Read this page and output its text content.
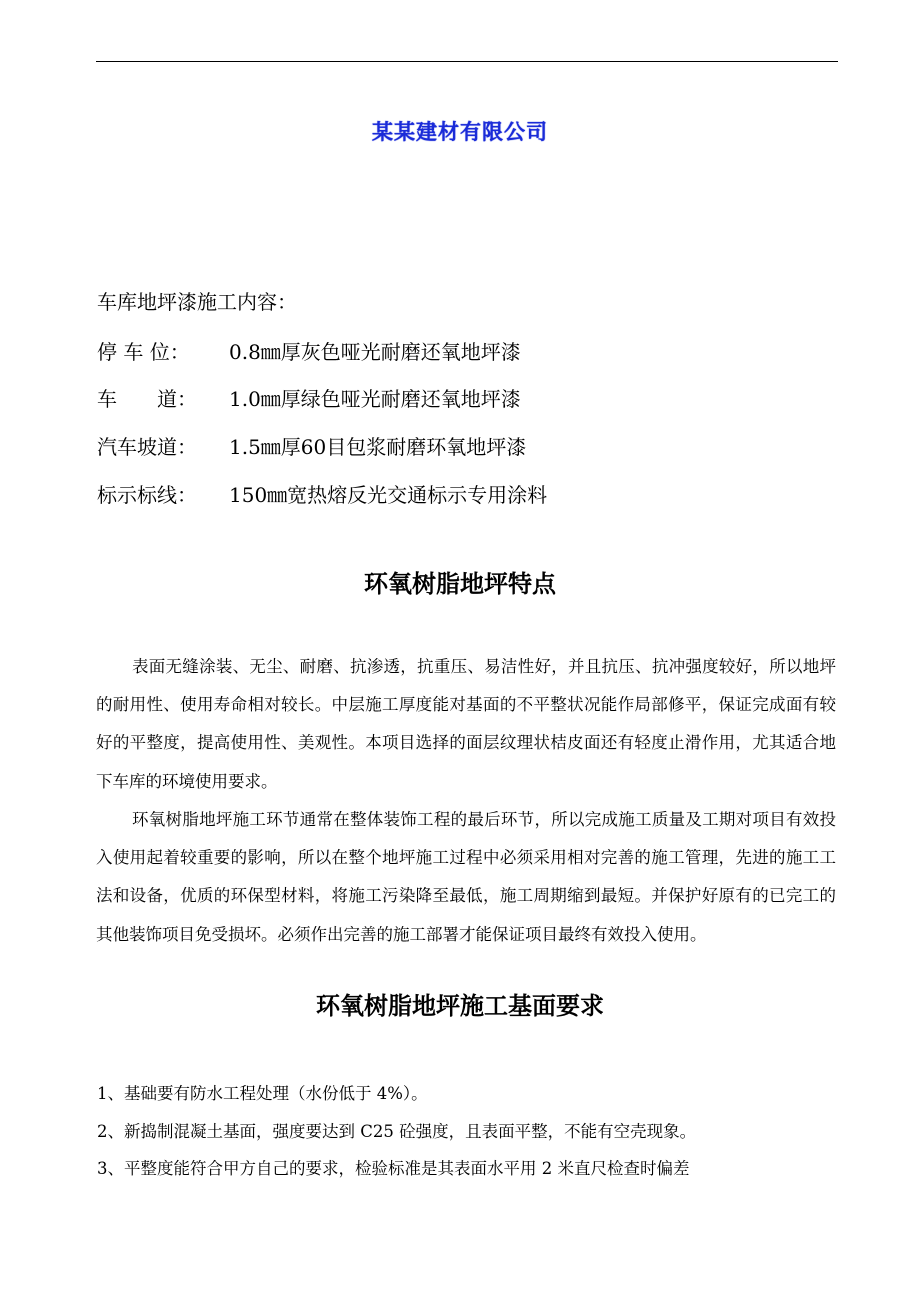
某某建材有限公司
车库地坪漆施工内容：
停 车 位： 0.8㎜厚灰色哑光耐磨还氧地坪漆
车　　道： 1.0㎜厚绿色哑光耐磨还氧地坪漆
汽车坡道： 1.5㎜厚60目包浆耐磨环氧地坪漆
标示标线： 150㎜宽热熔反光交通标示专用涂料
环氧树脂地坪特点

表面无缝涂装、无尘、耐磨、抗渗透，抗重压、易洁性好，并且抗压、抗冲强度较好，所以地坪的耐用性、使用寿命相对较长。中层施工厚度能对基面的不平整状况能作局部修平，保证完成面有较好的平整度，提高使用性、美观性。本项目选择的面层纹理状桔皮面还有轻度止滑作用，尤其适合地下车库的环境使用要求。

环氧树脂地坪施工环节通常在整体装饰工程的最后环节，所以完成施工质量及工期对项目有效投入使用起着较重要的影响，所以在整个地坪施工过程中必须采用相对完善的施工管理，先进的施工工法和设备，优质的环保型材料，将施工污染降至最低，施工周期缩到最短。并保护好原有的已完工的其他装饰项目免受损坏。必须作出完善的施工部署才能保证项目最终有效投入使用。

环氧树脂地坪施工基面要求
1、基础要有防水工程处理（水份低于 4%）。
2、新捣制混凝土基面，强度要达到 C25 砼强度，且表面平整，不能有空壳现象。
3、平整度能符合甲方自己的要求，检验标准是其表面水平用 2 米直尺检查时偏差
